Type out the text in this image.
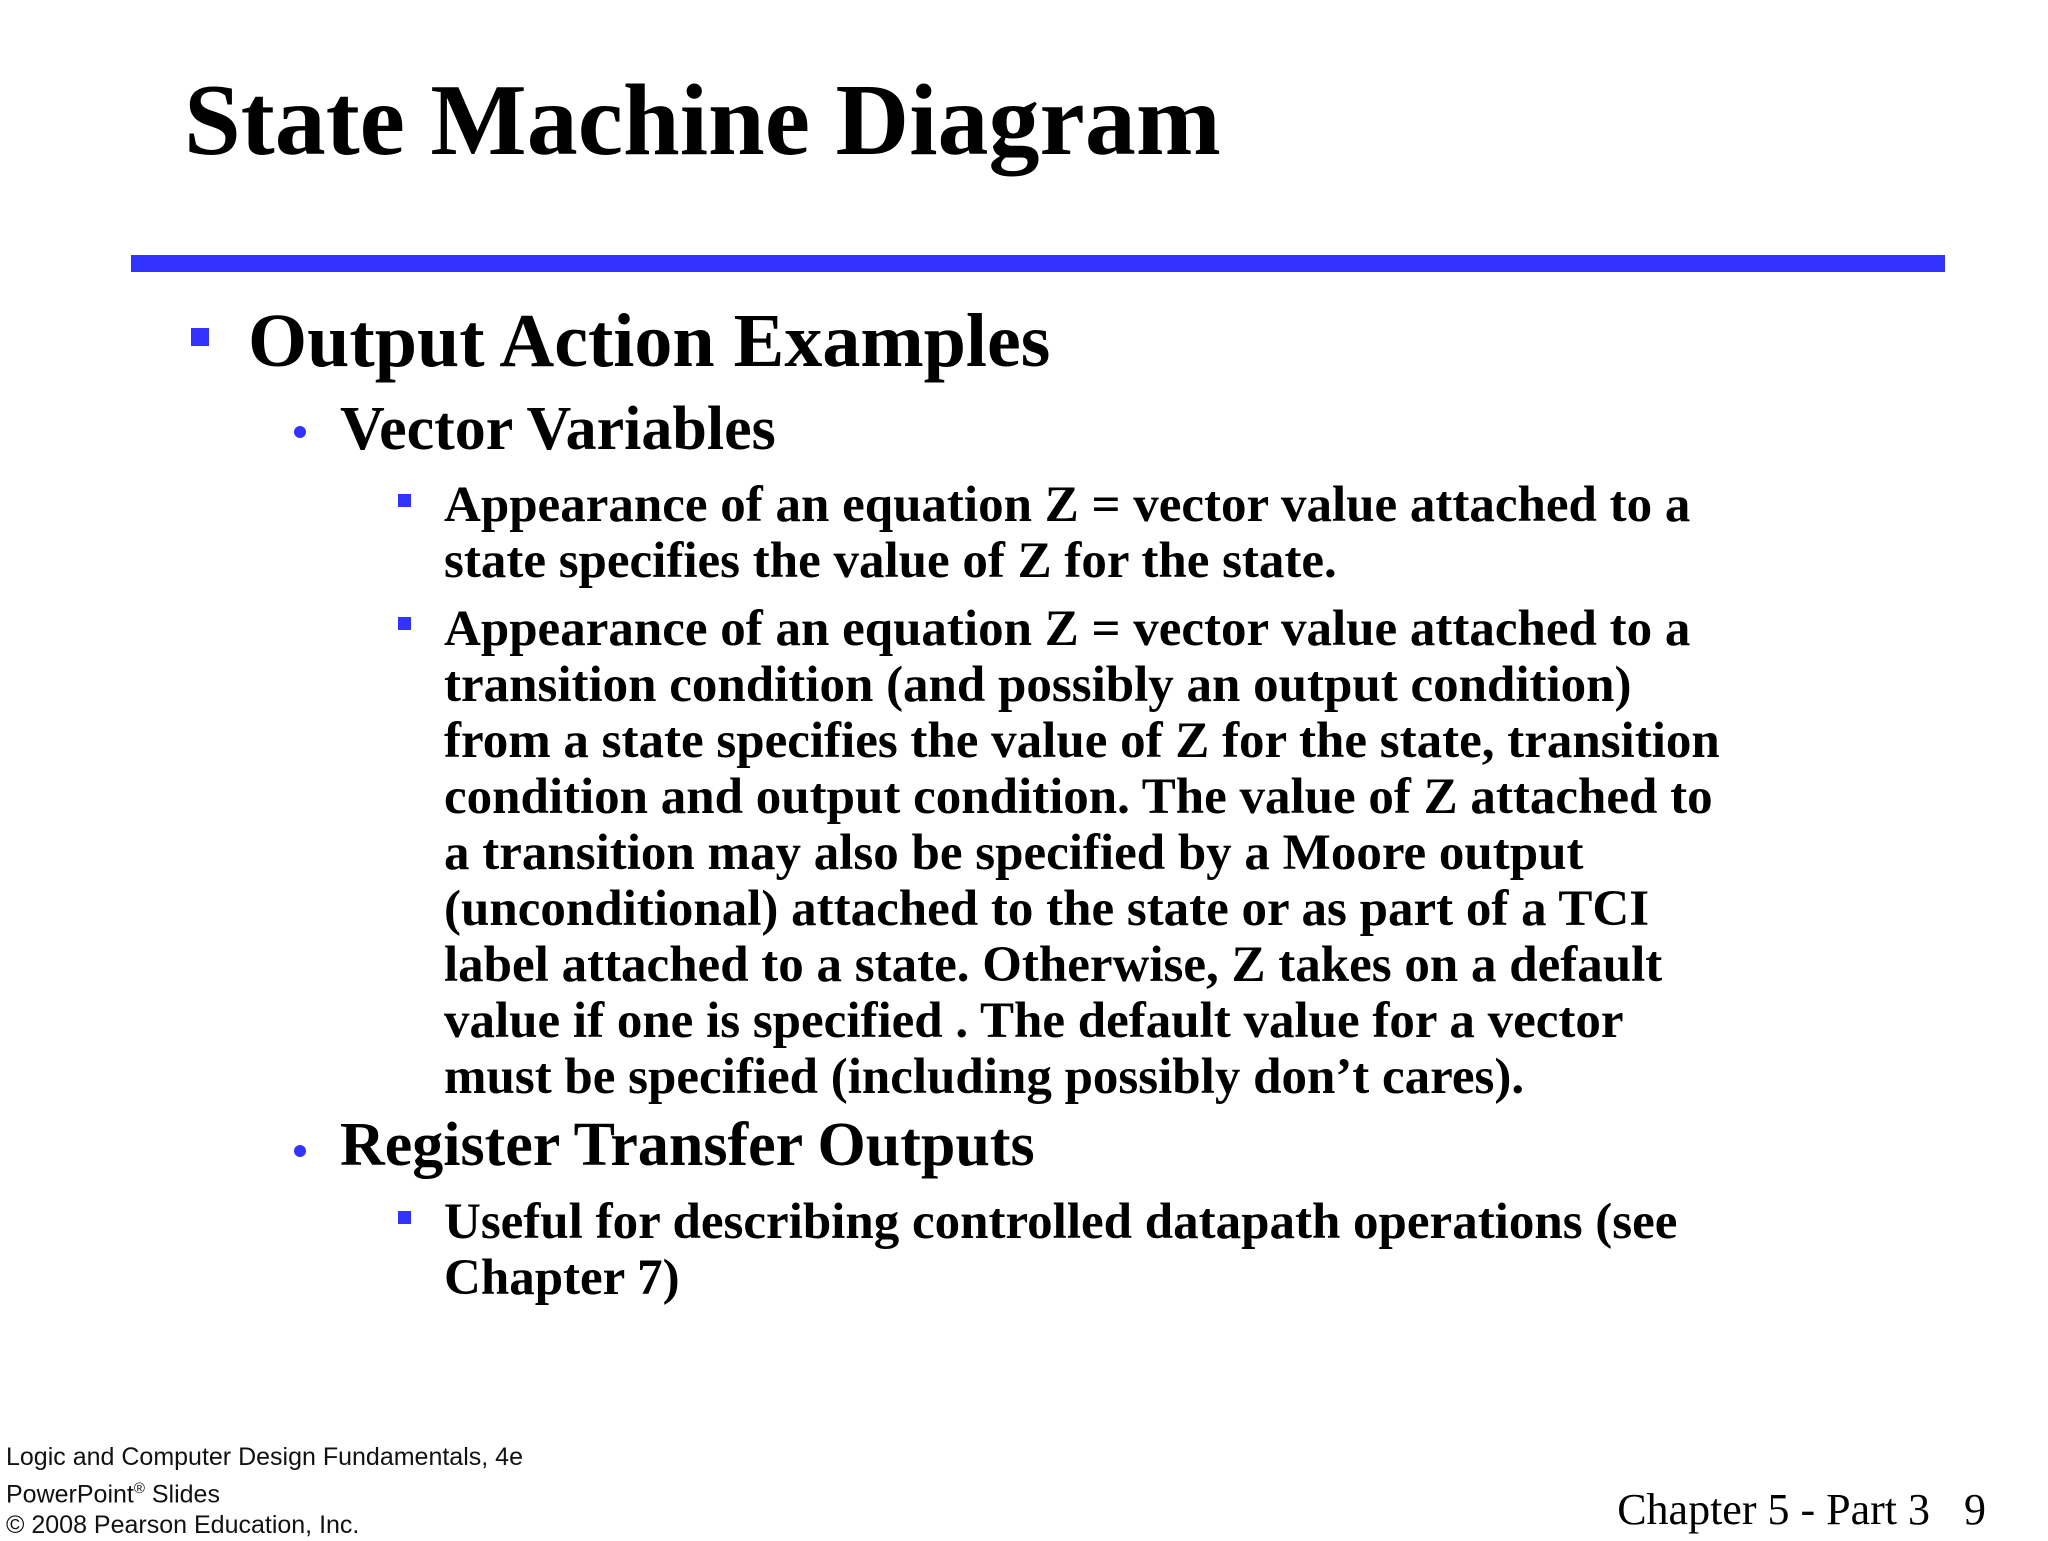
State Machine Diagram
Output Action Examples
Vector Variables
Appearance of an equation Z = vector value attached to a
state specifies the value of Z for the state.
Appearance of an equation Z = vector value attached to a
transition condition (and possibly an output condition)
from a state specifies the value of Z for the state, transition
condition and output condition. The value of Z attached to
a transition may also be specified by a Moore output
(unconditional) attached to the state or as part of a TCI
label attached to a state. Otherwise, Z takes on a default
value if one is specified . The default value for a vector
must be specified (including possibly don’t cares).
Register Transfer Outputs
Useful for describing controlled datapath operations (see
Chapter 7)
Logic and Computer Design Fundamentals, 4e
PowerPoint® Slides
© 2008 Pearson Education, Inc.	Chapter 5 - Part 3 9
